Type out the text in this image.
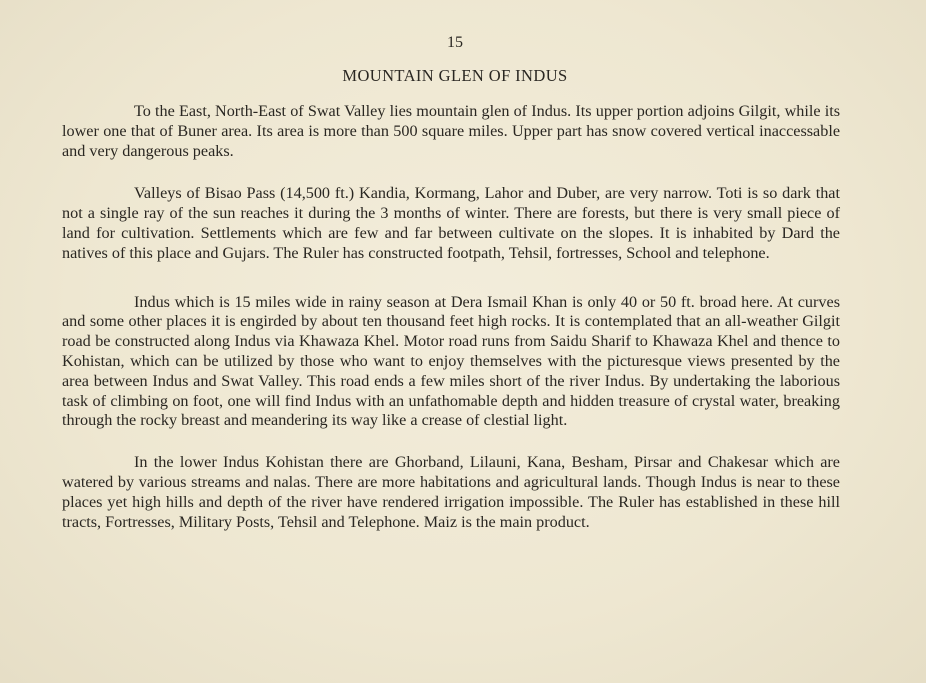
15
MOUNTAIN GLEN OF INDUS

To the East, North-East of Swat Valley lies mountain glen of Indus. Its upper portion adjoins Gilgit, while its lower one that of Buner area. Its area is more than 500 square miles. Upper part has snow covered vertical inaccessable and very dangerous peaks.

Valleys of Bisao Pass (14,500 ft.) Kandia, Kormang, Lahor and Duber, are very narrow. Toti is so dark that not a single ray of the sun reaches it during the 3 months of winter. There are forests, but there is very small piece of land for cultivation. Settlements which are few and far between cultivate on the slopes. It is inhabited by Dard the natives of this place and Gujars. The Ruler has constructed footpath, Tehsil, fortresses, School and telephone.

Indus which is 15 miles wide in rainy season at Dera Ismail Khan is only 40 or 50 ft. broad here. At curves and some other places it is engirded by about ten thousand feet high rocks. It is contemplated that an all-weather Gilgit road be constructed along Indus via Khawaza Khel. Motor road runs from Saidu Sharif to Khawaza Khel and thence to Kohistan, which can be utilized by those who want to enjoy themselves with the picturesque views presented by the area between Indus and Swat Valley. This road ends a few miles short of the river Indus. By undertaking the laborious task of climbing on foot, one will find Indus with an unfathomable depth and hidden treasure of crystal water, breaking through the rocky breast and meandering its way like a crease of clestial light.

In the lower Indus Kohistan there are Ghorband, Lilauni, Kana, Besham, Pirsar and Chakesar which are watered by various streams and nalas. There are more habitations and agricultural lands. Though Indus is near to these places yet high hills and depth of the river have rendered irrigation impossible. The Ruler has established in these hill tracts, Fortresses, Military Posts, Tehsil and Telephone. Maiz is the main product.
